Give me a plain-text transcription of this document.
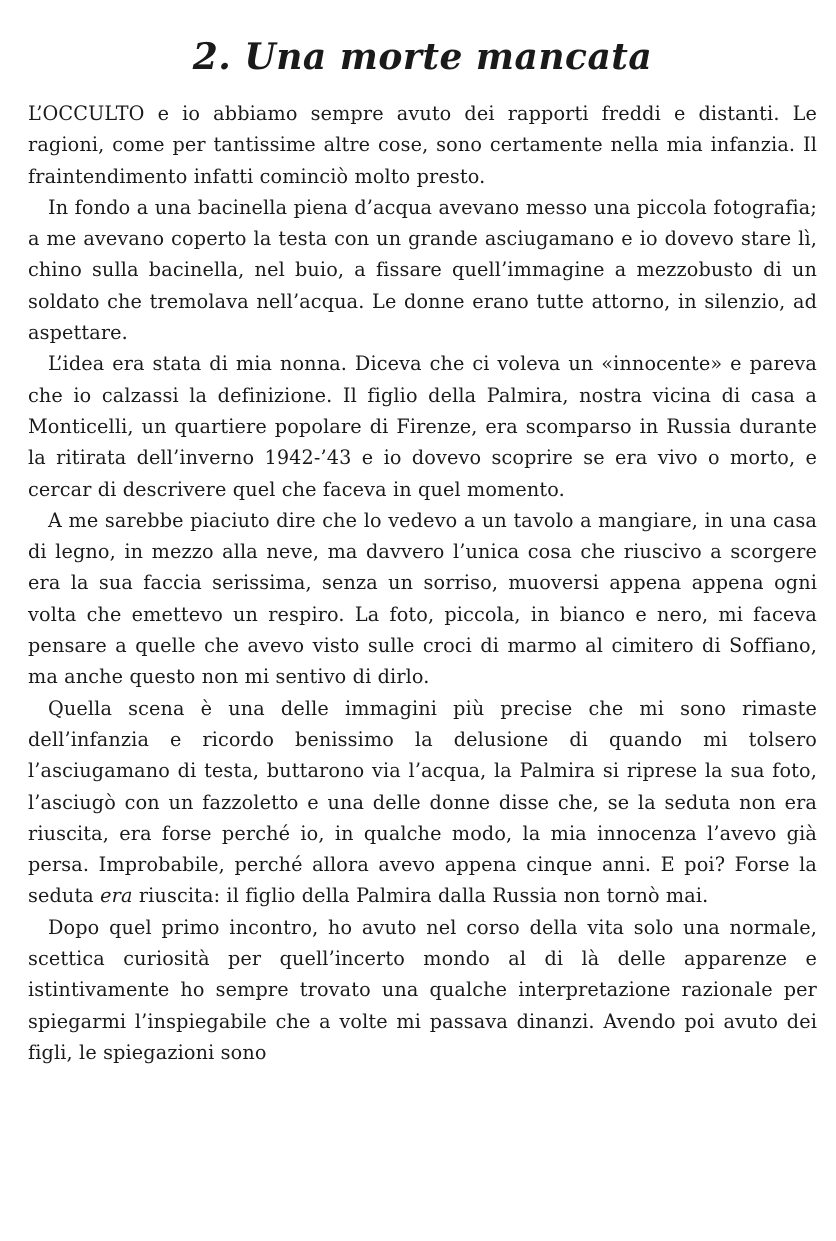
2. Una morte mancata

L’OCCULTO e io abbiamo sempre avuto dei rapporti freddi e distanti. Le ragioni, come per tantissime altre cose, sono certamente nella mia infanzia. Il fraintendimento infatti cominciò molto presto.

In fondo a una bacinella piena d’acqua avevano messo una piccola fotografia; a me avevano coperto la testa con un grande asciugamano e io dovevo stare lì, chino sulla bacinella, nel buio, a fissare quell’immagine a mezzobusto di un soldato che tremolava nell’acqua. Le donne erano tutte attorno, in silenzio, ad aspettare.

L’idea era stata di mia nonna. Diceva che ci voleva un «innocente» e pareva che io calzassi la definizione. Il figlio della Palmira, nostra vicina di casa a Monticelli, un quartiere popolare di Firenze, era scomparso in Russia durante la ritirata dell’inverno 1942-’43 e io dovevo scoprire se era vivo o morto, e cercar di descrivere quel che faceva in quel momento.

A me sarebbe piaciuto dire che lo vedevo a un tavolo a mangiare, in una casa di legno, in mezzo alla neve, ma davvero l’unica cosa che riuscivo a scorgere era la sua faccia serissima, senza un sorriso, muoversi appena appena ogni volta che emettevo un respiro. La foto, piccola, in bianco e nero, mi faceva pensare a quelle che avevo visto sulle croci di marmo al cimitero di Soffiano, ma anche questo non mi sentivo di dirlo.

Quella scena è una delle immagini più precise che mi sono rimaste dell’infanzia e ricordo benissimo la delusione di quando mi tolsero l’asciugamano di testa, buttarono via l’acqua, la Palmira si riprese la sua foto, l’asciugò con un fazzoletto e una delle donne disse che, se la seduta non era riuscita, era forse perché io, in qualche modo, la mia innocenza l’avevo già persa. Improbabile, perché allora avevo appena cinque anni. E poi? Forse la seduta era riuscita: il figlio della Palmira dalla Russia non tornò mai.

Dopo quel primo incontro, ho avuto nel corso della vita solo una normale, scettica curiosità per quell’incerto mondo al di là delle apparenze e istintivamente ho sempre trovato una qualche interpretazione razionale per spiegarmi l’inspiegabile che a volte mi passava dinanzi. Avendo poi avuto dei figli, le spiegazioni sono
